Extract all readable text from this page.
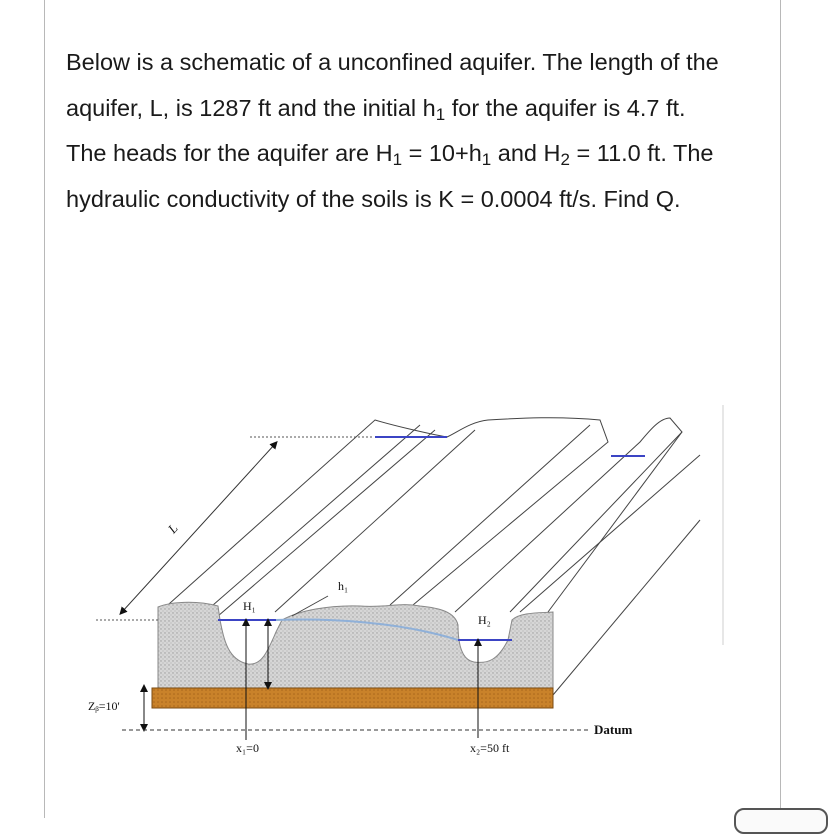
Below is a schematic of a unconfined aquifer. The length of the aquifer, L, is 1287 ft and the initial $h_1$ for the aquifer is 4.7 ft. The heads for the aquifer are $H_1 = 10+h_1$ and $H_2 = 11.0$ ft. The hydraulic conductivity of the soils is K = 0.0004 ft/s. Find Q.

L
H₁
h₁
H₂
Zᵦ=10'
Datum
x₁=0	x₂=50 ft
